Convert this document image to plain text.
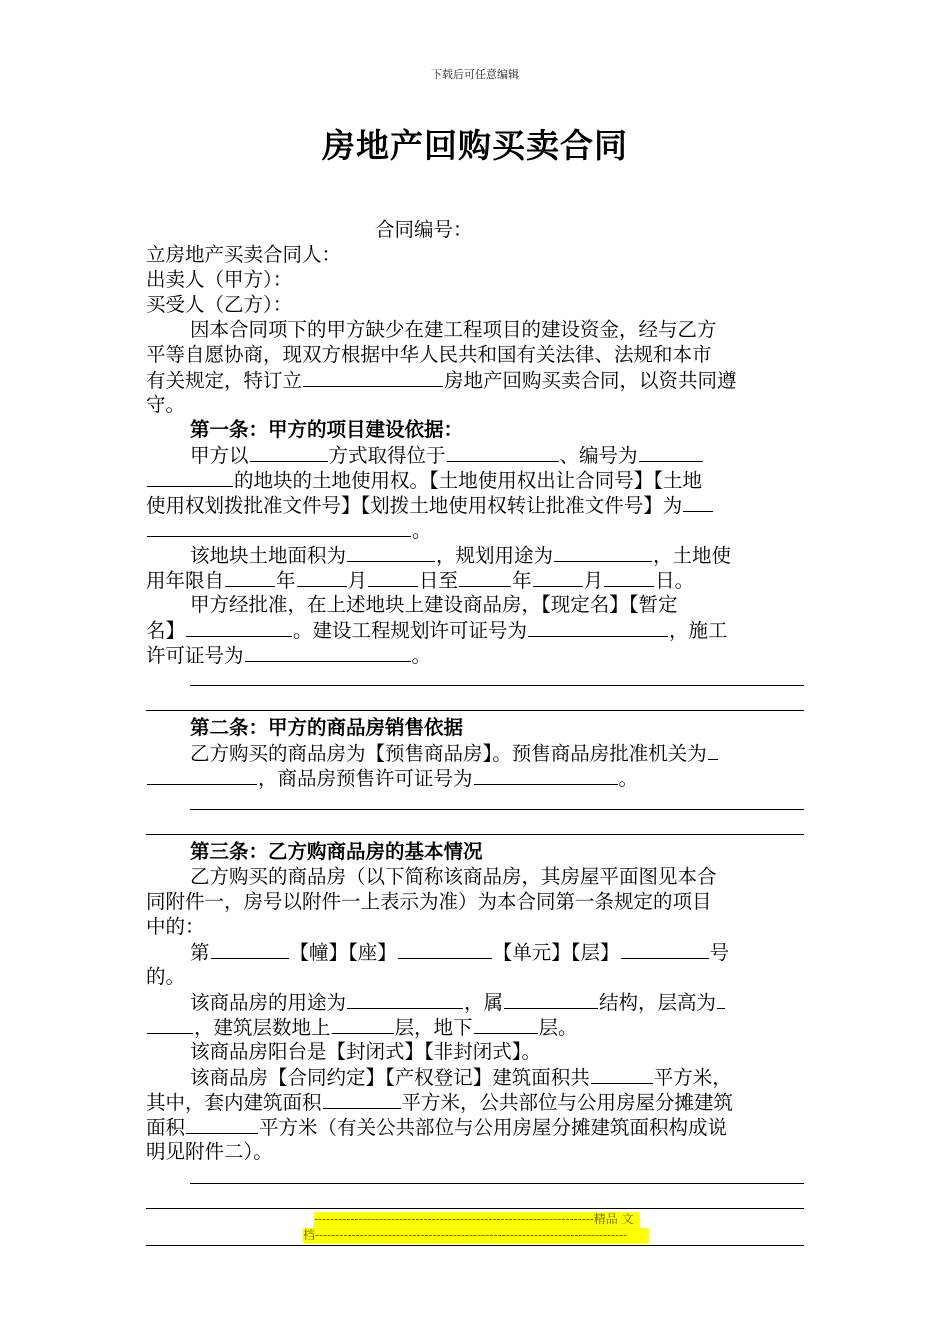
下载后可任意编辑
房地产回购买卖合同
合同编号：
立房地产买卖合同人：
出卖人（甲方）：
买受人（乙方）：
因本合同项下的甲方缺少在建工程项目的建设资金，经与乙方
平等自愿协商，现双方根据中华人民共和国有关法律、法规和本市
有关规定，特订立	房地产回购买卖合同，以资共同遵
守。
第一条：甲方的项目建设依据：
甲方以	方式取得位于	、编号为
的地块的土地使用权。【土地使用权出让合同号】【土地
使用权划拨批准文件号】【划拨土地使用权转让批准文件号】为
。
该地块土地面积为	，规划用途为	，土地使
用年限自	年	月	日至	年	月	日。
甲方经批准，在上述地块上建设商品房，【现定名】【暂定
名】	。建设工程规划许可证号为	，施工
许可证号为	。
第二条：甲方的商品房销售依据
乙方购买的商品房为【预售商品房】。预售商品房批准机关为
，商品房预售许可证号为	。
第三条：乙方购商品房的基本情况
乙方购买的商品房（以下简称该商品房，其房屋平面图见本合
同附件一，房号以附件一上表示为准）为本合同第一条规定的项目
中的：
第	【幢】【座】	【单元】【层】	号
的。
该商品房的用途为	，属	结构，层高为
，建筑层数地上	层，地下	层。
该商品房阳台是【封闭式】【非封闭式】。
该商品房【合同约定】【产权登记】建筑面积共	平方米，
其中，套内建筑面积	平方米，公共部位与公用房屋分摊建筑
面积	平方米（有关公共部位与公用房屋分摊建筑面积构成说
明见附件二）。
---------------------------------------------------------------------精品 文
档-----------------------------------------------------------------------------
